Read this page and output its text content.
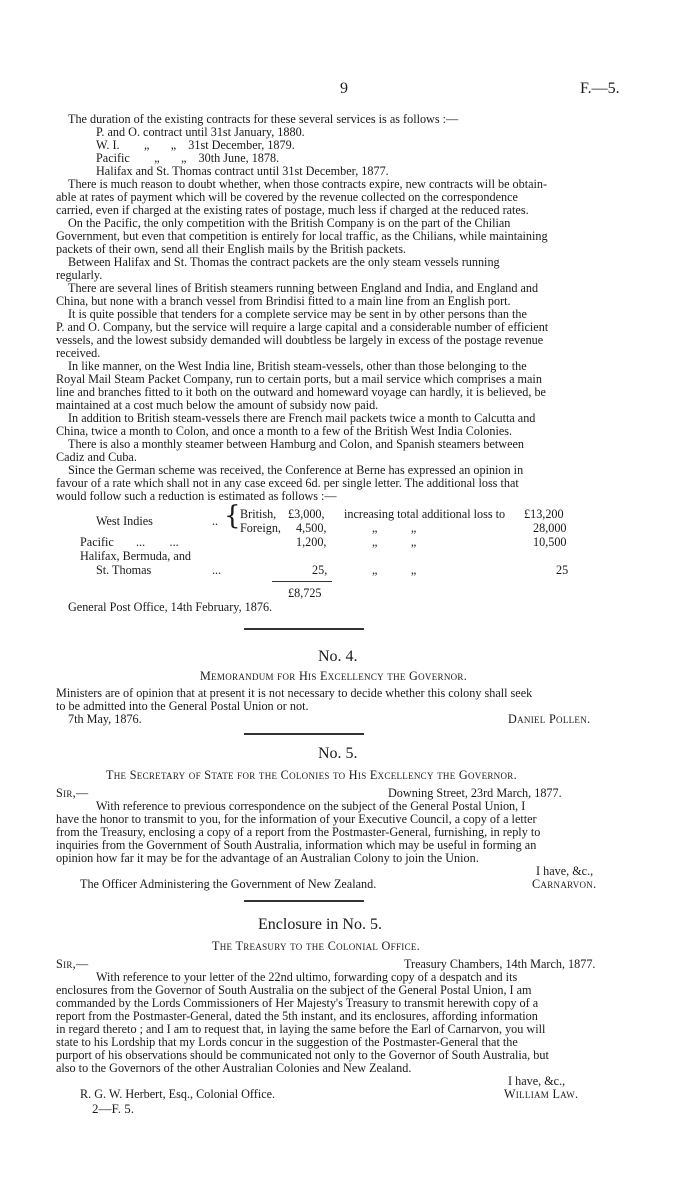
9	F.—5.
The duration of the existing contracts for these several services is as follows :—
P. and O. contract until 31st January, 1880.
W. I.        „       „    31st December, 1879.
Pacific        „       „    30th June, 1878.
Halifax and St. Thomas contract until 31st December, 1877.
There is much reason to doubt whether, when those contracts expire, new contracts will be obtain-
able at rates of payment which will be covered by the revenue collected on the correspondence
carried, even if charged at the existing rates of postage, much less if charged at the reduced rates.
On the Pacific, the only competition with the British Company is on the part of the Chilian
Government, but even that competition is entirely for local traffic, as the Chilians, while maintaining
packets of their own, send all their English mails by the British packets.
Between Halifax and St. Thomas the contract packets are the only steam vessels running
regularly.
There are several lines of British steamers running between England and India, and England and
China, but none with a branch vessel from Brindisi fitted to a main line from an English port.
It is quite possible that tenders for a complete service may be sent in by other persons than the
P. and O. Company, but the service will require a large capital and a considerable number of efficient
vessels, and the lowest subsidy demanded will doubtless be largely in excess of the postage revenue
received.
In like manner, on the West India line, British steam-vessels, other than those belonging to the
Royal Mail Steam Packet Company, run to certain ports, but a mail service which comprises a main
line and branches fitted to it both on the outward and homeward voyage can hardly, it is believed, be
maintained at a cost much below the amount of subsidy now paid.
In addition to British steam-vessels there are French mail packets twice a month to Calcutta and
China, twice a month to Colon, and once a month to a few of the British West India Colonies.
There is also a monthly steamer between Hamburg and Colon, and Spanish steamers between
Cadiz and Cuba.
Since the German scheme was received, the Conference at Berne has expressed an opinion in
favour of a rate which shall not in any case exceed 6d. per single letter. The additional loss that
would follow such a reduction is estimated as follows :—
West Indies	.. { British, £3,000, increasing total additional loss to £13,200
Foreign, 4,500,	„           „	28,000
Pacific ...        ...	1,200,	„           „	10,500
Halifax, Bermuda, and
St. Thomas	...	25,	„           „	25
£8,725
General Post Office, 14th February, 1876.
No. 4.
Memorandum for His Excellency the Governor.
Ministers are of opinion that at present it is not necessary to decide whether this colony shall seek
to be admitted into the General Postal Union or not.
7th May, 1876.	Daniel Pollen.
No. 5.
The Secretary of State for the Colonies to His Excellency the Governor.
Sir,—	Downing Street, 23rd March, 1877.
With reference to previous correspondence on the subject of the General Postal Union, I
have the honor to transmit to you, for the information of your Executive Council, a copy of a letter
from the Treasury, enclosing a copy of a report from the Postmaster-General, furnishing, in reply to
inquiries from the Government of South Australia, information which may be useful in forming an
opinion how far it may be for the advantage of an Australian Colony to join the Union.
I have, &c.,
The Officer Administering the Government of New Zealand.	Carnarvon.
Enclosure in No. 5.
The Treasury to the Colonial Office.
Sir,—	Treasury Chambers, 14th March, 1877.
With reference to your letter of the 22nd ultimo, forwarding copy of a despatch and its
enclosures from the Governor of South Australia on the subject of the General Postal Union, I am
commanded by the Lords Commissioners of Her Majesty's Treasury to transmit herewith copy of a
report from the Postmaster-General, dated the 5th instant, and its enclosures, affording information
in regard thereto ; and I am to request that, in laying the same before the Earl of Carnarvon, you will
state to his Lordship that my Lords concur in the suggestion of the Postmaster-General that the
purport of his observations should be communicated not only to the Governor of South Australia, but
also to the Governors of the other Australian Colonies and New Zealand.
I have, &c.,
R. G. W. Herbert, Esq., Colonial Office.	William Law.
2—F. 5.
